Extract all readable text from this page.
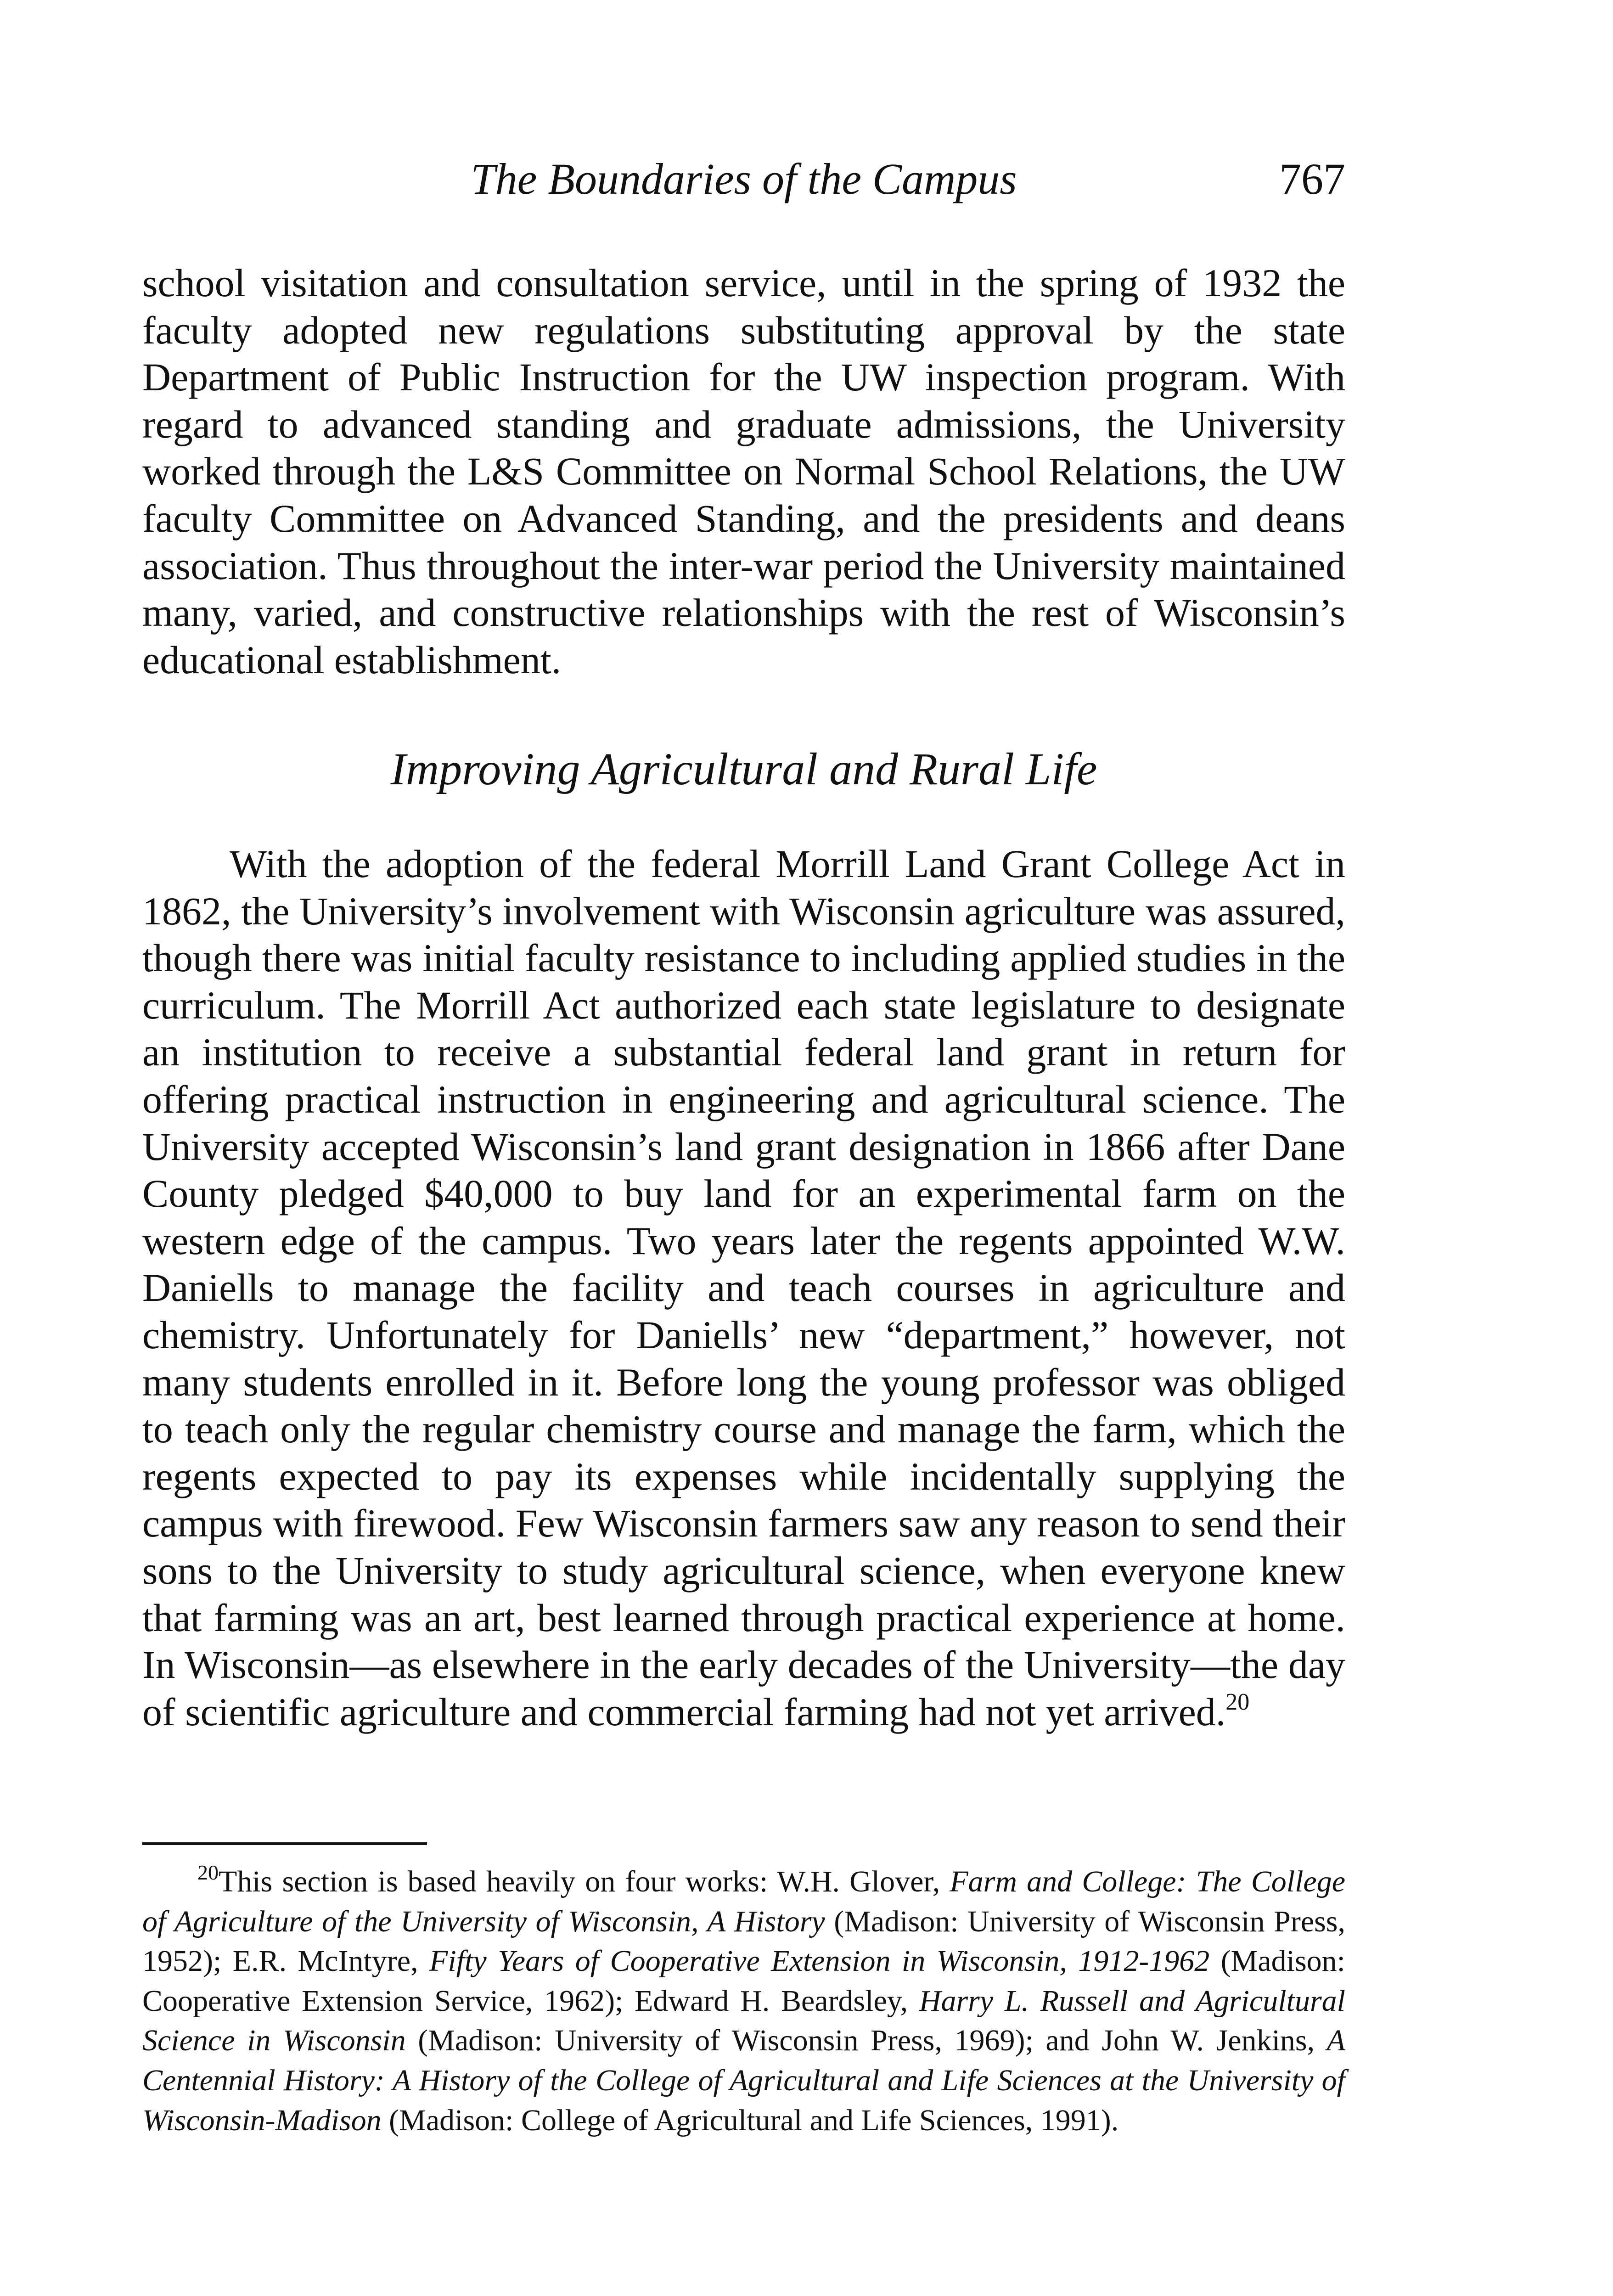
The Boundaries of the Campus	767

school visitation and consultation service, until in the spring of 1932 the faculty adopted new regulations substituting approval by the state Department of Public Instruction for the UW inspection program. With regard to advanced standing and graduate admissions, the University worked through the L&S Committee on Normal School Relations, the UW faculty Committee on Advanced Standing, and the presidents and deans association. Thus throughout the inter-war period the University maintained many, varied, and constructive relationships with the rest of Wisconsin’s educational establishment.

Improving Agricultural and Rural Life

With the adoption of the federal Morrill Land Grant College Act in 1862, the University’s involvement with Wisconsin agriculture was assured, though there was initial faculty resistance to including applied studies in the curriculum. The Morrill Act authorized each state legislature to designate an institution to receive a substantial federal land grant in return for offering practical instruction in engineering and agricultural science. The University accepted Wisconsin’s land grant designation in 1866 after Dane County pledged $40,000 to buy land for an experimental farm on the western edge of the campus. Two years later the regents appointed W.W. Daniells to manage the facility and teach courses in agriculture and chemistry. Unfortunately for Daniells’ new “department,” however, not many students enrolled in it. Before long the young professor was obliged to teach only the regular chemistry course and manage the farm, which the regents expected to pay its expenses while incidentally supplying the campus with firewood. Few Wisconsin farmers saw any reason to send their sons to the University to study agricultural science, when everyone knew that farming was an art, best learned through practical experience at home. In Wisconsin—as elsewhere in the early decades of the University—the day of scientific agriculture and commercial farming had not yet arrived.$^{20}$

$^{20}$This section is based heavily on four works: W.H. Glover, Farm and College: The College of Agriculture of the University of Wisconsin, A History (Madison: University of Wisconsin Press, 1952); E.R. McIntyre, Fifty Years of Cooperative Extension in Wisconsin, 1912-1962 (Madison: Cooperative Extension Service, 1962); Edward H. Beardsley, Harry L. Russell and Agricultural Science in Wisconsin (Madison: University of Wisconsin Press, 1969); and John W. Jenkins, A Centennial History: A History of the College of Agricultural and Life Sciences at the University of Wisconsin-Madison (Madison: College of Agricultural and Life Sciences, 1991).
